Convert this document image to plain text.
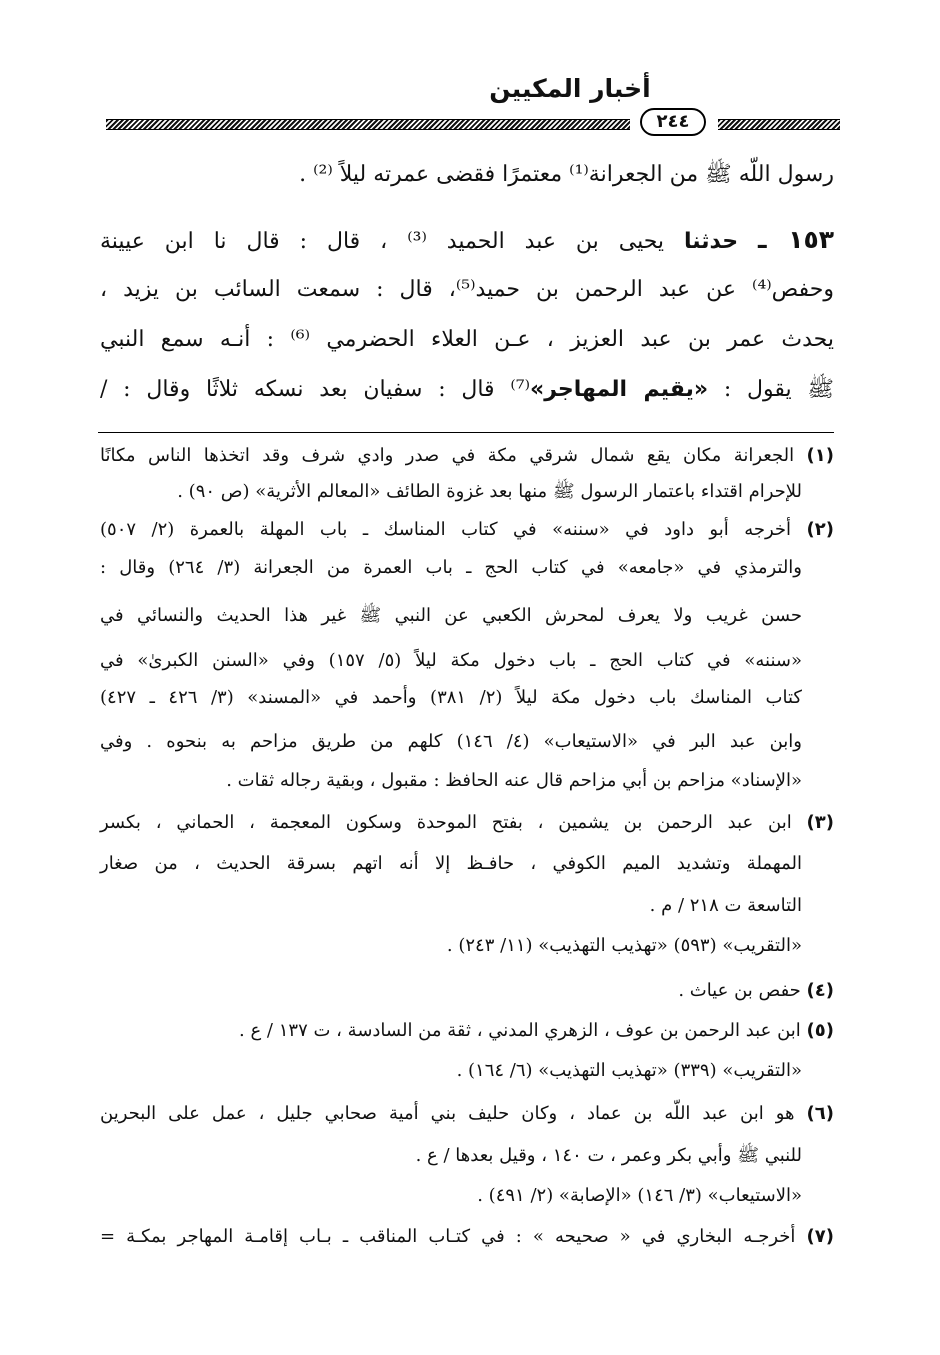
أخبار المكيين
٢٤٤
رسول اللّه ﷺ من الجعرانة⁽¹⁾ معتمرًا فقضى عمرته ليلاً ⁽²⁾ .
١٥٣ ـ حدثنا يحيى بن عبد الحميد ⁽³⁾ ، قال : قال نا ابن عيينة
وحفص⁽⁴⁾ عن عبد الرحمن بن حميد⁽⁵⁾، قال : سمعت السائب بن يزيد ،
يحدث عمر بن عبد العزيز ، عـن العلاء الحضرمي ⁽⁶⁾ : أنـه سمع النبي
ﷺ يقول : «يقيم المهاجر»⁽⁷⁾ قال : سفيان بعد نسكه ثلاثًا وقال : /
(١) الجعرانة مكان يقع شمال شرقي مكة في صدر وادي شرف وقد اتخذها الناس مكانًا
للإحرام اقتداء باعتمار الرسول ﷺ منها بعد غزوة الطائف «المعالم الأثرية» (ص ٩٠) .
(٢) أخرجه أبو داود في «سننه» في كتاب المناسك ـ باب المهلة بالعمرة (٢/ ٥٠٧)
والترمذي في «جامعه» في كتاب الحج ـ باب العمرة من الجعرانة (٣/ ٢٦٤) وقال :
حسن غريب ولا يعرف لمحرش الكعبي عن النبي ﷺ غير هذا الحديث والنسائي في
«سننه» في كتاب الحج ـ باب دخول مكة ليلاً (٥/ ١٥٧) وفي «السنن الكبرىٰ» في
كتاب المناسك باب دخول مكة ليلاً (٢/ ٣٨١) وأحمد في «المسند» (٣/ ٤٢٦ ـ ٤٢٧)
وابن عبد البر في «الاستيعاب» (٤/ ١٤٦) كلهم من طريق مزاحم به بنحوه . وفي
«الإسناد» مزاحم بن أبي مزاحم قال عنه الحافظ : مقبول ، وبقية رجاله ثقات .
(٣) ابن عبد الرحمن بن يشمين ، بفتح الموحدة وسكون المعجمة ، الحماني ، بكسر
المهملة وتشديد الميم الكوفي ، حافـظ إلا أنه اتهم بسرقة الحديث ، من صغار
التاسعة ت ٢١٨ / م .
«التقريب» (٥٩٣) «تهذيب التهذيب» (١١/ ٢٤٣) .
(٤) حفص بن عياث .
(٥) ابن عبد الرحمن بن عوف ، الزهري المدني ، ثقة من السادسة ، ت ١٣٧ / ع .
«التقريب» (٣٣٩) «تهذيب التهذيب» (٦/ ١٦٤) .
(٦) هو ابن عبد اللّه بن عماد ، وكان حليف بني أمية صحابي جليل ، عمل على البحرين
للنبي ﷺ وأبي بكر وعمر ، ت ١٤٠ ، وقيل بعدها / ع .
«الاستيعاب» (٣/ ١٤٦) «الإصابة» (٢/ ٤٩١) .
(٧) أخرجـه البخاري في « صحيحه » : في كتـاب المناقب ـ بـاب إقامـة المهاجر بمكـة =
